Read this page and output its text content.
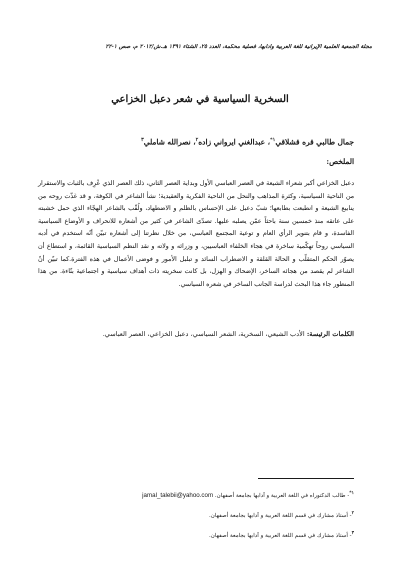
مجلة الجمعية العلمية الإيرانية للغة العربية وآدابها، فصلية محكمة، العدد ٢٥، الشتاء ١٣٩١ هـ.ش/٢٠١٢ م، صص ١-٢٢
السخرية السياسية في شعر دعبل الخزاعي
جمال طالبي قره قشلاقي$^{١*}$، عبدالغني ايرواني زاده$^٢$، نصرالله شاملي$^٣$
الملخص:

دعبل الخزاعي أكبر شعراء الشيعة في العصر العباسي الأول وبداية العصر الثاني، ذلك العصر الذي عُرِف بالثبات والاستقرار من الناحية السياسية، وكثرة المذاهب والنحل من الناحية الفكرية والعقيدية؛ نشأ الشاعر في الكوفة، و قد غذّت روحه من ينابيع الشيعة و انطبعت بطابعها؛ شبّ دعبل على الإحساس بالظلم و الاضطهاد، ولُقّب بالشاعر الهجّاء الذي حمل خشبته على عاتقه منذ خمسين سنة باحثاً عمّن يصلبه عليها. تصدّى الشاعر في كثير من أشعاره للانحراف و الأوضاع السياسية الفاسدة، و قام بتنوير الرأي العام و توعية المجتمع العباسي، من خلال نظرتنا إلى أشعاره تبيّن أنّه استخدم في أدبه السياسي روحاً تهكّمية ساخرة في هجاء الخلفاء العباسيين، و وزرائه و ولاته و نقد النظم السياسية القائمة، و استطاع أن يصوّر الحكم المتقلّب و الحالة القلقة و الاضطراب السائد و تبلبل الأمور و فوضى الأعمال في هذه الفترة.كما تبيّن أنّ الشاعر لم يقصد من هجائه الساخر، الإضحاك و الهزل، بل كانت سخريته ذات أهداف سياسية و اجتماعية بنّاءة. من هذا المنظور جاء هذا البحث لدراسة الجانب الساخر في شعره السياسي.

الكلمات الرئيسة: الأدب الشيعي، السخرية، الشعر السياسي، دعبل الخزاعي، العصر العباسي.

$^{١*}$- طالب الدكتوراه في اللغة العربية و آدابها بجامعة أصفهان. jamal_talebii@yahoo.com

$^٢$- أستاذ مشارك في قسم اللغة العربية و آدابها بجامعة أصفهان.

$^٣$- أستاذ مشارك في قسم اللغة العربية و آدابها بجامعة أصفهان.
